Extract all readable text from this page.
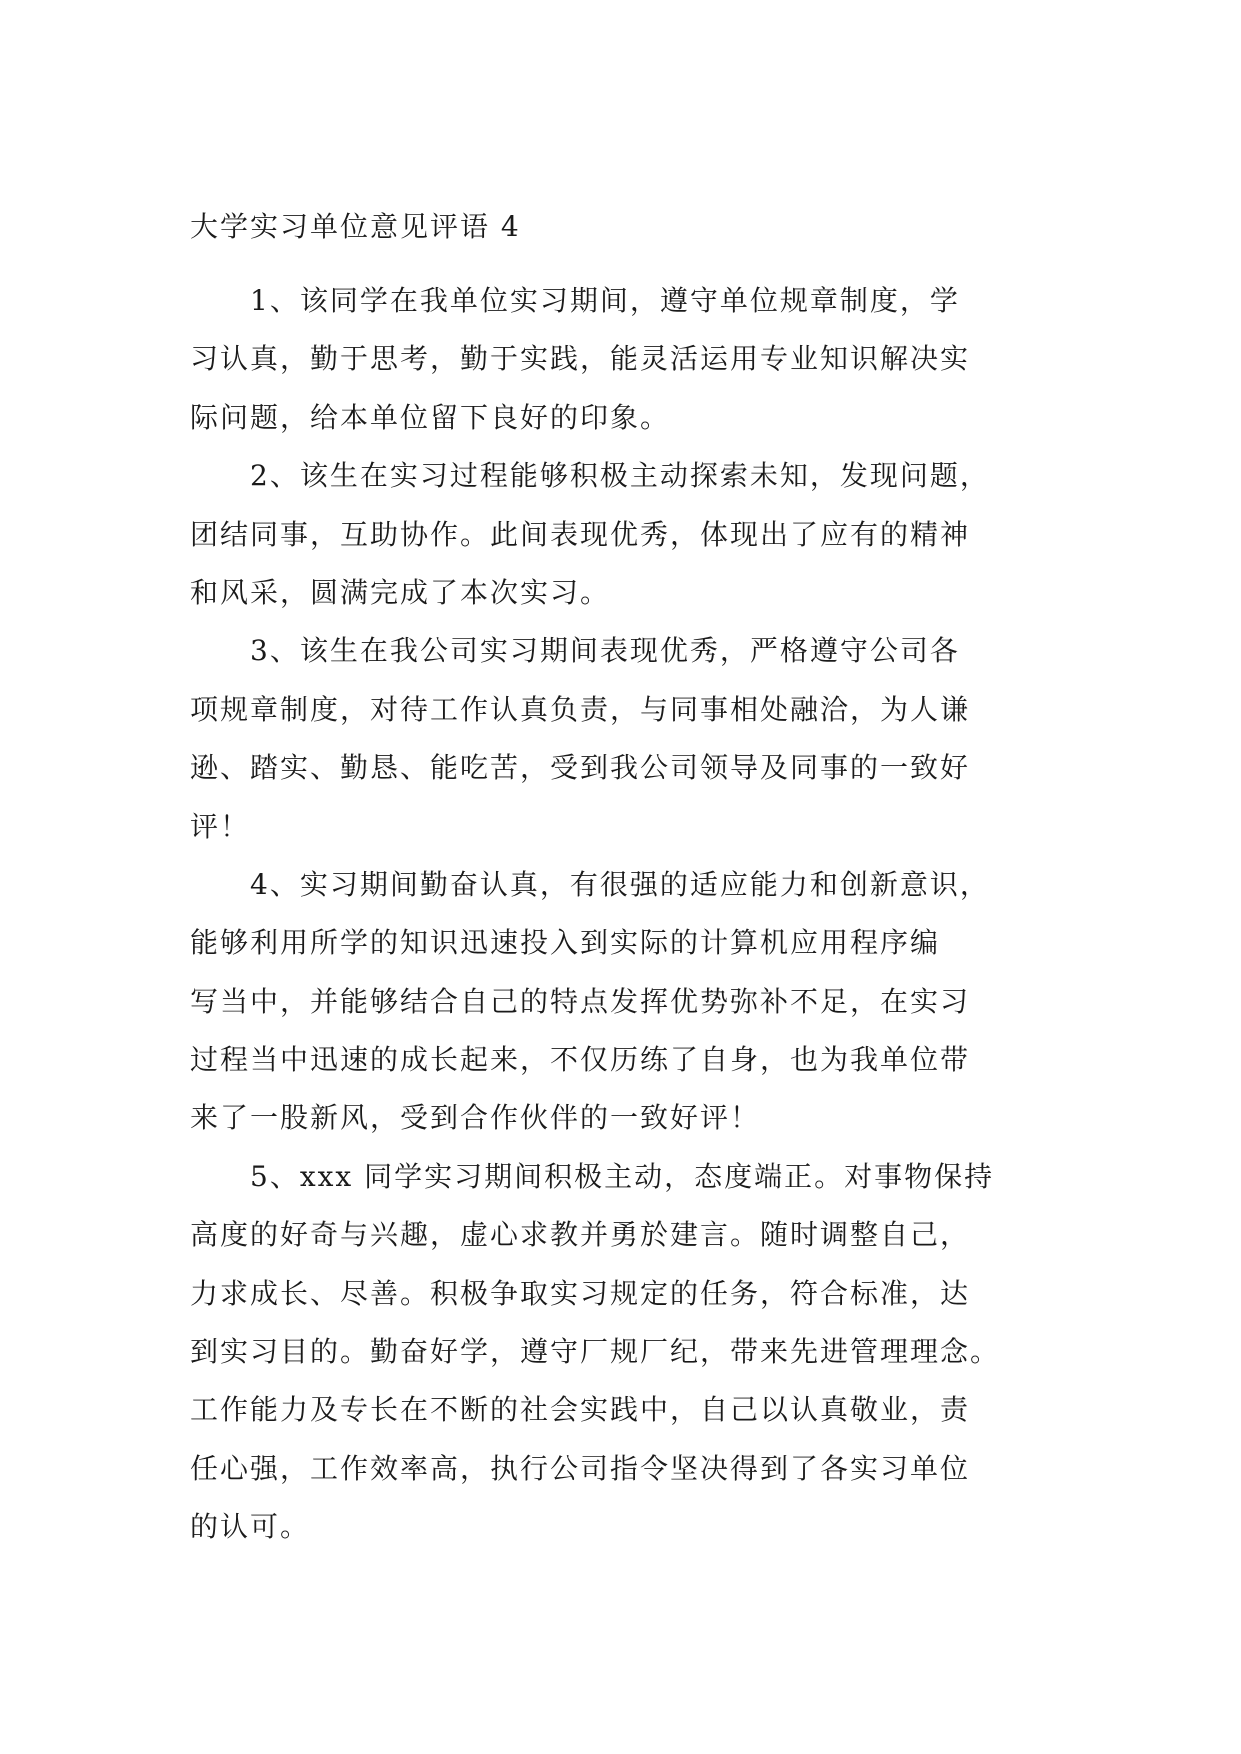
大学实习单位意见评语 4

1、该同学在我单位实习期间，遵守单位规章制度，学
习认真，勤于思考，勤于实践，能灵活运用专业知识解决实
际问题，给本单位留下良好的印象。

2、该生在实习过程能够积极主动探索未知，发现问题，
团结同事，互助协作。此间表现优秀，体现出了应有的精神
和风采，圆满完成了本次实习。

3、该生在我公司实习期间表现优秀，严格遵守公司各
项规章制度，对待工作认真负责，与同事相处融洽，为人谦
逊、踏实、勤恳、能吃苦，受到我公司领导及同事的一致好
评！

4、实习期间勤奋认真，有很强的适应能力和创新意识，
能够利用所学的知识迅速投入到实际的计算机应用程序编
写当中，并能够结合自己的特点发挥优势弥补不足，在实习
过程当中迅速的成长起来，不仅历练了自身，也为我单位带
来了一股新风，受到合作伙伴的一致好评！

5、xxx 同学实习期间积极主动，态度端正。对事物保持
高度的好奇与兴趣，虚心求教并勇於建言。随时调整自己，
力求成长、尽善。积极争取实习规定的任务，符合标准，达
到实习目的。勤奋好学，遵守厂规厂纪，带来先进管理理念。
工作能力及专长在不断的社会实践中，自己以认真敬业，责
任心强，工作效率高，执行公司指令坚决得到了各实习单位
的认可。
